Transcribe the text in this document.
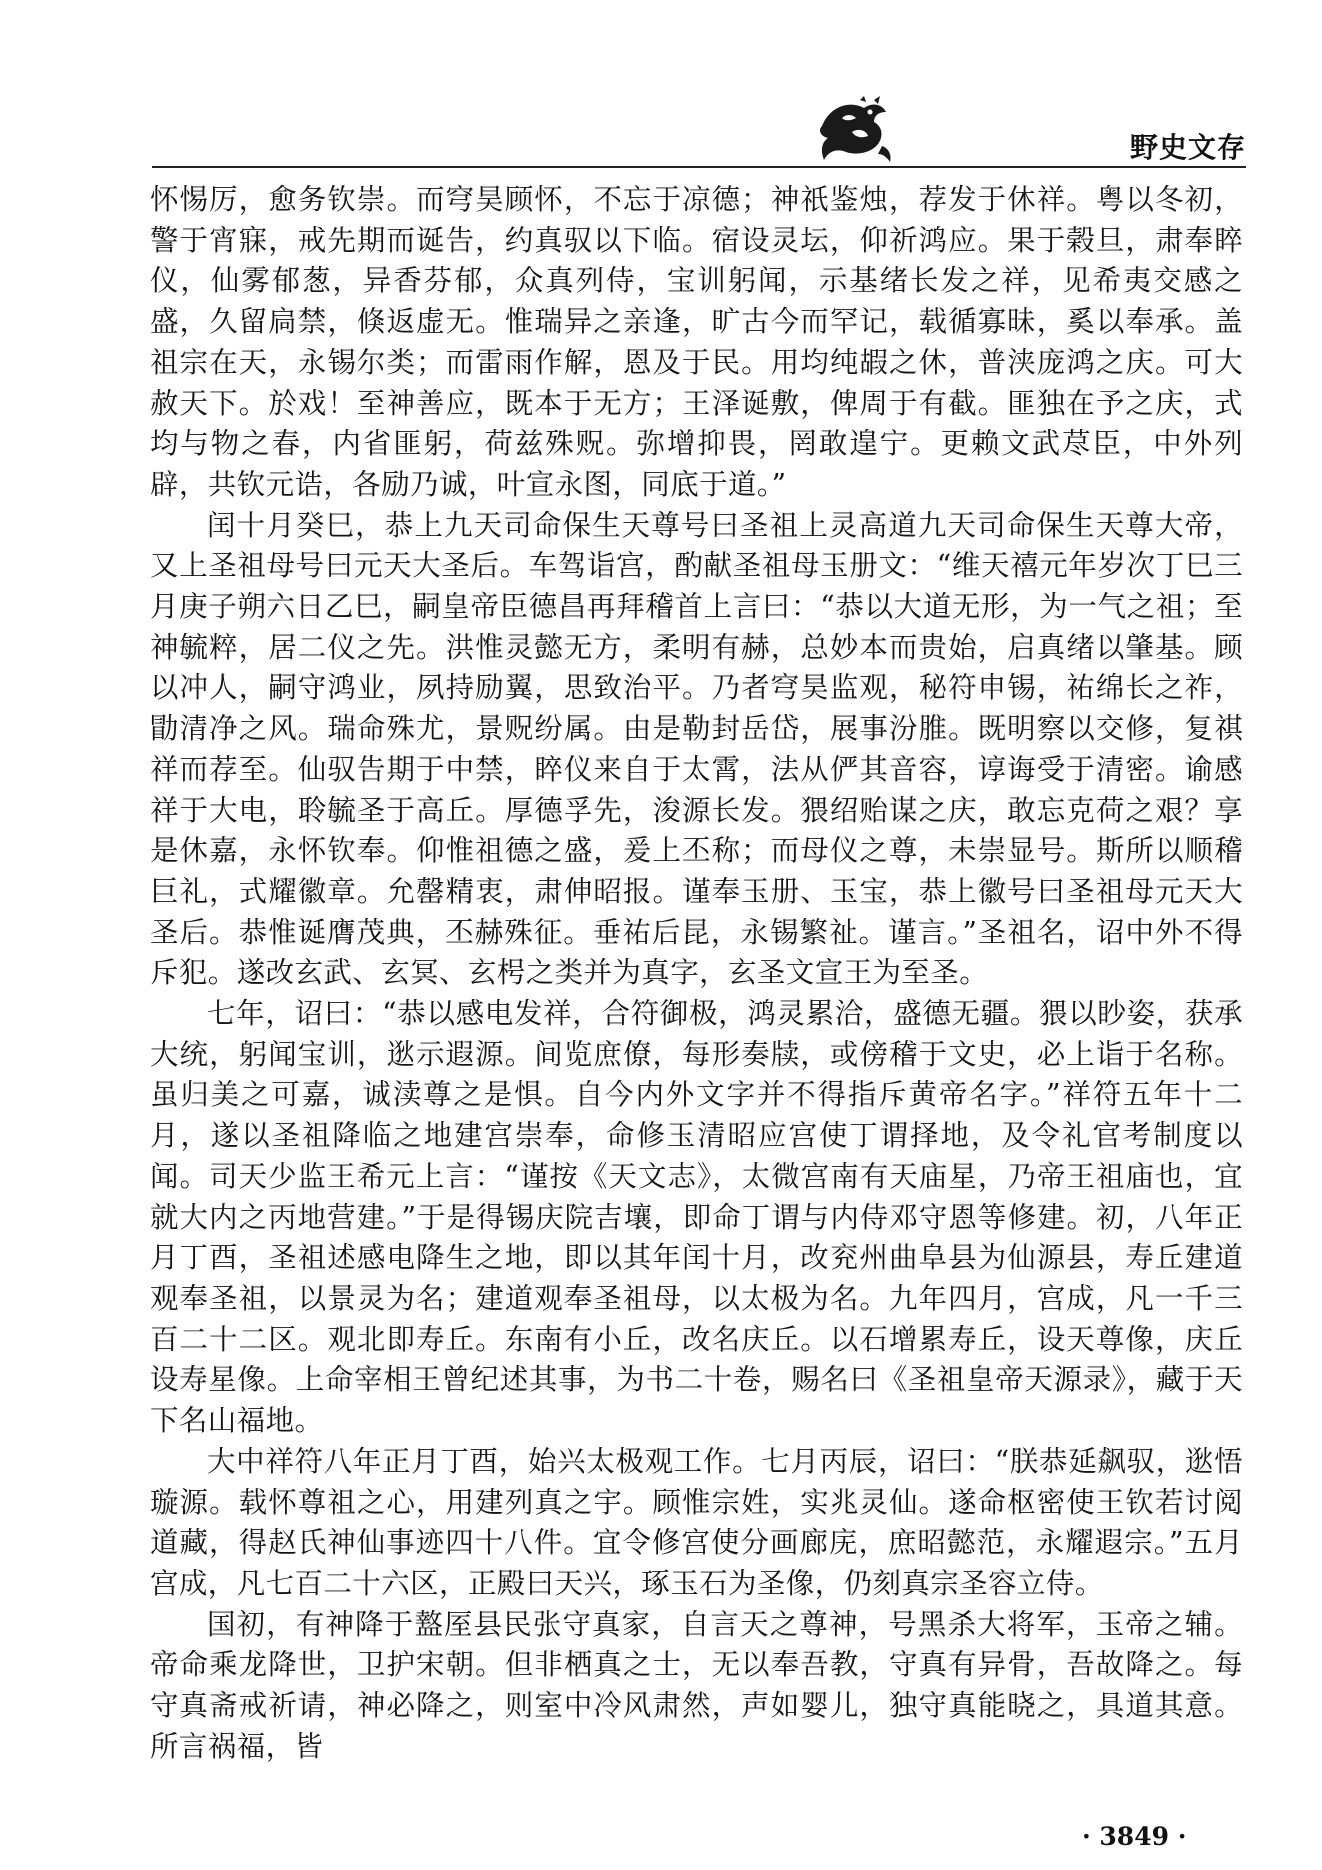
野史文存

怀惕厉，愈务钦崇。而穹昊顾怀，不忘于凉德；神祇鉴烛，荐发于休祥。粤以冬初，警于宵寐，戒先期而诞告，约真驭以下临。宿设灵坛，仰祈鸿应。果于榖旦，肃奉睟仪，仙雾郁葱，异香芬郁，众真列侍，宝训躬闻，示基绪长发之祥，见希夷交感之盛，久留扃禁，倏返虚无。惟瑞异之亲逢，旷古今而罕记，载循寡昧，奚以奉承。盖祖宗在天，永锡尔类；而雷雨作解，恩及于民。用均纯嘏之休，普浃庞鸿之庆。可大赦天下。於戏！至神善应，既本于无方；王泽诞敷，俾周于有截。匪独在予之庆，式均与物之春，内省匪躬，荷兹殊贶。弥增抑畏，罔敢遑宁。更赖文武荩臣，中外列辟，共钦元诰，各励乃诚，叶宣永图，同底于道。”

闰十月癸巳，恭上九天司命保生天尊号曰圣祖上灵高道九天司命保生天尊大帝，又上圣祖母号曰元天大圣后。车驾诣宫，酌献圣祖母玉册文：“维天禧元年岁次丁巳三月庚子朔六日乙巳，嗣皇帝臣德昌再拜稽首上言曰：“恭以大道无形，为一气之祖；至神毓粹，居二仪之先。洪惟灵懿无方，柔明有赫，总妙本而贵始，启真绪以肇基。顾以冲人，嗣守鸿业，夙持励翼，思致治平。乃者穹昊监观，秘符申锡，祐绵长之祚，勖清净之风。瑞命殊尤，景贶纷属。由是勒封岳岱，展事汾脽。既明察以交修，复祺祥而荐至。仙驭告期于中禁，睟仪来自于太霄，法从俨其音容，谆诲受于清密。谕感祥于大电，聆毓圣于高丘。厚德孚先，浚源长发。猥绍贻谋之庆，敢忘克荷之艰？享是休嘉，永怀钦奉。仰惟祖德之盛，爰上丕称；而母仪之尊，未崇显号。斯所以顺稽巨礼，式耀徽章。允罄精衷，肃伸昭报。谨奉玉册、玉宝，恭上徽号曰圣祖母元天大圣后。恭惟诞膺茂典，丕赫殊征。垂祐后昆，永锡繁祉。谨言。”圣祖名，诏中外不得斥犯。遂改玄武、玄冥、玄枵之类并为真字，玄圣文宣王为至圣。

七年，诏曰：“恭以感电发祥，合符御极，鸿灵累洽，盛德无疆。猥以眇姿，获承大统，躬闻宝训，逖示遐源。间览庶僚，每形奏牍，或傍稽于文史，必上诣于名称。虽归美之可嘉，诚渎尊之是惧。自今内外文字并不得指斥黄帝名字。”祥符五年十二月，遂以圣祖降临之地建宫崇奉，命修玉清昭应宫使丁谓择地，及令礼官考制度以闻。司天少监王希元上言：“谨按《天文志》，太微宫南有天庙星，乃帝王祖庙也，宜就大内之丙地营建。”于是得锡庆院吉壤，即命丁谓与内侍邓守恩等修建。初，八年正月丁酉，圣祖述感电降生之地，即以其年闰十月，改兖州曲阜县为仙源县，寿丘建道观奉圣祖，以景灵为名；建道观奉圣祖母，以太极为名。九年四月，宫成，凡一千三百二十二区。观北即寿丘。东南有小丘，改名庆丘。以石增累寿丘，设天尊像，庆丘设寿星像。上命宰相王曾纪述其事，为书二十卷，赐名曰《圣祖皇帝天源录》，藏于天下名山福地。

大中祥符八年正月丁酉，始兴太极观工作。七月丙辰，诏曰：“朕恭延飙驭，逖悟璇源。载怀尊祖之心，用建列真之宇。顾惟宗姓，实兆灵仙。遂命枢密使王钦若讨阅道藏，得赵氏神仙事迹四十八件。宜令修宫使分画廊庑，庶昭懿范，永耀遐宗。”五月宫成，凡七百二十六区，正殿曰天兴，琢玉石为圣像，仍刻真宗圣容立侍。

国初，有神降于盩厔县民张守真家，自言天之尊神，号黑杀大将军，玉帝之辅。帝命乘龙降世，卫护宋朝。但非栖真之士，无以奉吾教，守真有异骨，吾故降之。每守真斋戒祈请，神必降之，则室中冷风肃然，声如婴儿，独守真能晓之，具道其意。所言祸福，皆

· 3849 ·
